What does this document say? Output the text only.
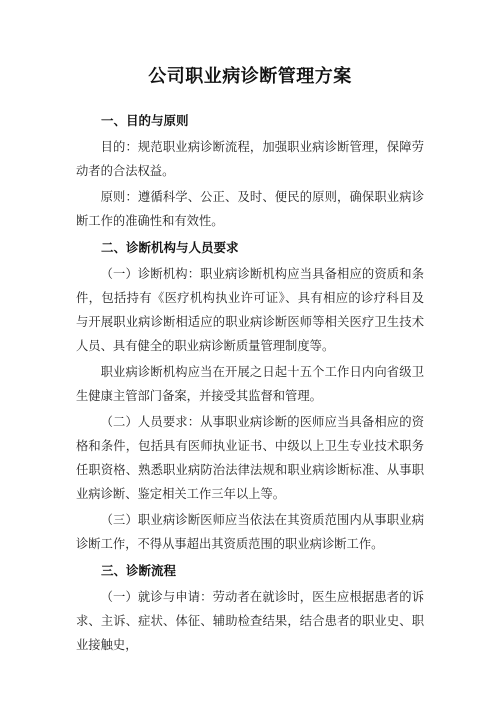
公司职业病诊断管理方案
一、目的与原则

目的：规范职业病诊断流程，加强职业病诊断管理，保障劳动者的合法权益。

原则：遵循科学、公正、及时、便民的原则，确保职业病诊断工作的准确性和有效性。

二、诊断机构与人员要求

（一）诊断机构：职业病诊断机构应当具备相应的资质和条件，包括持有《医疗机构执业许可证》、具有相应的诊疗科目及与开展职业病诊断相适应的职业病诊断医师等相关医疗卫生技术人员、具有健全的职业病诊断质量管理制度等。

职业病诊断机构应当在开展之日起十五个工作日内向省级卫生健康主管部门备案，并接受其监督和管理。

（二）人员要求：从事职业病诊断的医师应当具备相应的资格和条件，包括具有医师执业证书、中级以上卫生专业技术职务任职资格、熟悉职业病防治法律法规和职业病诊断标准、从事职业病诊断、鉴定相关工作三年以上等。

（三）职业病诊断医师应当依法在其资质范围内从事职业病诊断工作，不得从事超出其资质范围的职业病诊断工作。

三、诊断流程

（一）就诊与申请：劳动者在就诊时，医生应根据患者的诉求、主诉、症状、体征、辅助检查结果，结合患者的职业史、职业接触史，
